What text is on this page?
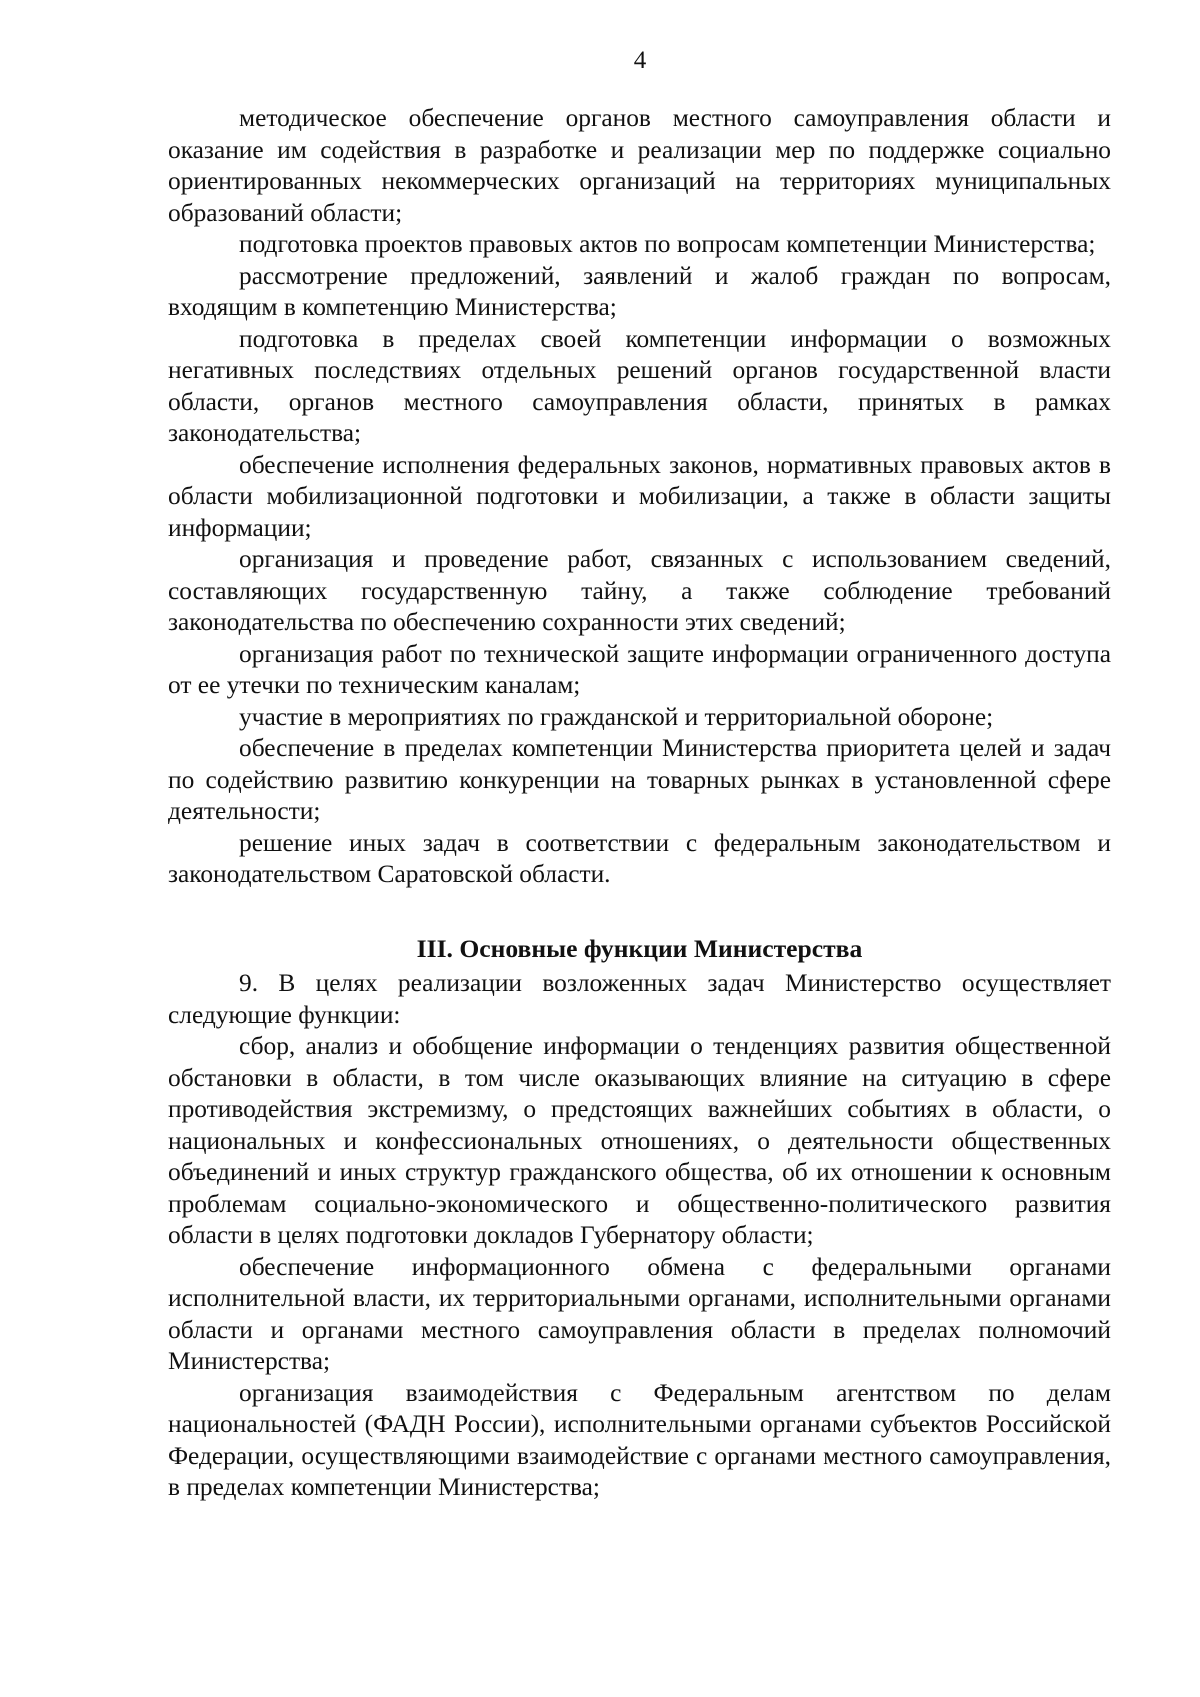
4

методическое обеспечение органов местного самоуправления области и оказание им содействия в разработке и реализации мер по поддержке социально ориентированных некоммерческих организаций на территориях муниципальных образований области;

подготовка проектов правовых актов по вопросам компетенции Министерства;

рассмотрение предложений, заявлений и жалоб граждан по вопросам, входящим в компетенцию Министерства;

подготовка в пределах своей компетенции информации о возможных негативных последствиях отдельных решений органов государственной власти области, органов местного самоуправления области, принятых в рамках законодательства;

обеспечение исполнения федеральных законов, нормативных правовых актов в области мобилизационной подготовки и мобилизации, а также в области защиты информации;

организация и проведение работ, связанных с использованием сведений, составляющих государственную тайну, а также соблюдение требований законодательства по обеспечению сохранности этих сведений;

организация работ по технической защите информации ограниченного доступа от ее утечки по техническим каналам;

участие в мероприятиях по гражданской и территориальной обороне;

обеспечение в пределах компетенции Министерства приоритета целей и задач по содействию развитию конкуренции на товарных рынках в установленной сфере деятельности;

решение иных задач в соответствии с федеральным законодательством и законодательством Саратовской области.

III. Основные функции Министерства

9. В целях реализации возложенных задач Министерство осуществляет следующие функции:

сбор, анализ и обобщение информации о тенденциях развития общественной обстановки в области, в том числе оказывающих влияние на ситуацию в сфере противодействия экстремизму, о предстоящих важнейших событиях в области, о национальных и конфессиональных отношениях, о деятельности общественных объединений и иных структур гражданского общества, об их отношении к основным проблемам социально-экономического и общественно-политического развития области в целях подготовки докладов Губернатору области;

обеспечение информационного обмена с федеральными органами исполнительной власти, их территориальными органами, исполнительными органами области и органами местного самоуправления области в пределах полномочий Министерства;

организация взаимодействия с Федеральным агентством по делам национальностей (ФАДН России), исполнительными органами субъектов Российской Федерации, осуществляющими взаимодействие с органами местного самоуправления, в пределах компетенции Министерства;
